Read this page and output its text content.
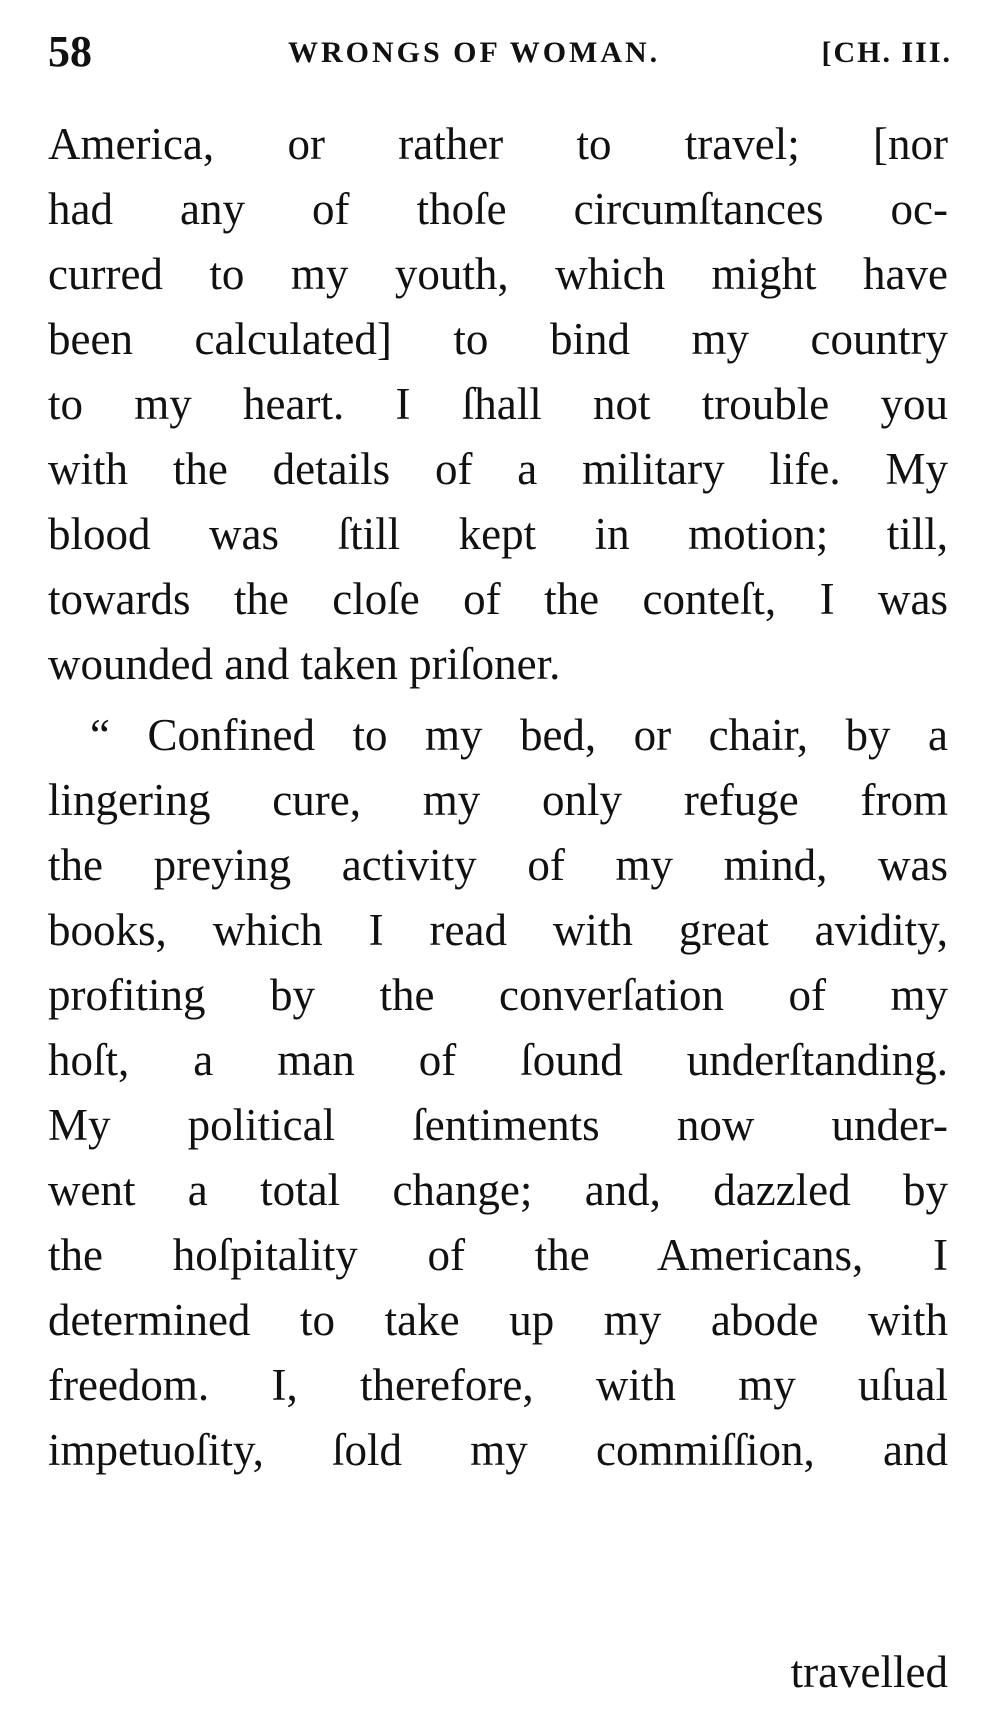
58	WRONGS OF WOMAN.	[CH. III.
America, or rather to travel; [nor
had any of thoſe circumſtances oc-
curred to my youth, which might have
been calculated] to bind my country
to my heart. I ſhall not trouble you
with the details of a military life. My
blood was ſtill kept in motion; till,
towards the cloſe of the conteſt, I was
wounded and taken priſoner.
“ Confined to my bed, or chair, by a
lingering cure, my only refuge from
the preying activity of my mind, was
books, which I read with great avidity,
profiting by the converſation of my
hoſt, a man of ſound underſtanding.
My political ſentiments now under-
went a total change; and, dazzled by
the hoſpitality of the Americans, I
determined to take up my abode with
freedom. I, therefore, with my uſual
impetuoſity, ſold my commiſſion, and
travelled
